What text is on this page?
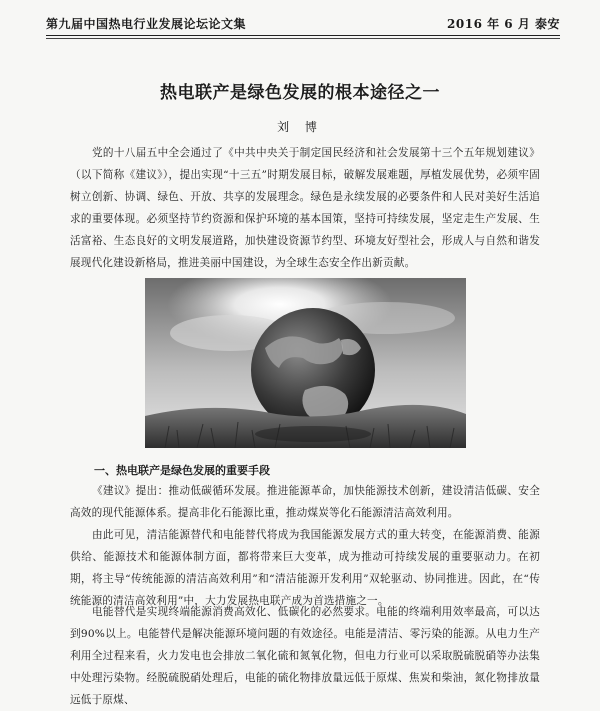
第九届中国热电行业发展论坛论文集	2016 年 6 月 泰安
热电联产是绿色发展的根本途径之一
刘 博

党的十八届五中全会通过了《中共中央关于制定国民经济和社会发展第十三个五年规划建议》（以下简称《建议》），提出实现“十三五”时期发展目标，破解发展难题，厚植发展优势，必须牢固树立创新、协调、绿色、开放、共享的发展理念。绿色是永续发展的必要条件和人民对美好生活追求的重要体现。必须坚持节约资源和保护环境的基本国策，坚持可持续发展，坚定走生产发展、生活富裕、生态良好的文明发展道路，加快建设资源节约型、环境友好型社会，形成人与自然和谐发展现代化建设新格局，推进美丽中国建设，为全球生态安全作出新贡献。

一、热电联产是绿色发展的重要手段

《建议》提出：推动低碳循环发展。推进能源革命，加快能源技术创新，建设清洁低碳、安全高效的现代能源体系。提高非化石能源比重，推动煤炭等化石能源清洁高效利用。

由此可见，清洁能源替代和电能替代将成为我国能源发展方式的重大转变，在能源消费、能源供给、能源技术和能源体制方面，都将带来巨大变革，成为推动可持续发展的重要驱动力。在初期，将主导“传统能源的清洁高效利用”和“清洁能源开发利用”双轮驱动、协同推进。因此，在“传统能源的清洁高效利用”中，大力发展热电联产成为首选措施之一。

电能替代是实现终端能源消费高效化、低碳化的必然要求。电能的终端利用效率最高，可以达到90%以上。电能替代是解决能源环境问题的有效途径。电能是清洁、零污染的能源。从电力生产利用全过程来看，火力发电也会排放二氧化硫和氮氧化物，但电力行业可以采取脱硫脱硝等办法集中处理污染物。经脱硫脱硝处理后，电能的硫化物排放量远低于原煤、焦炭和柴油，氮化物排放量远低于原煤、
